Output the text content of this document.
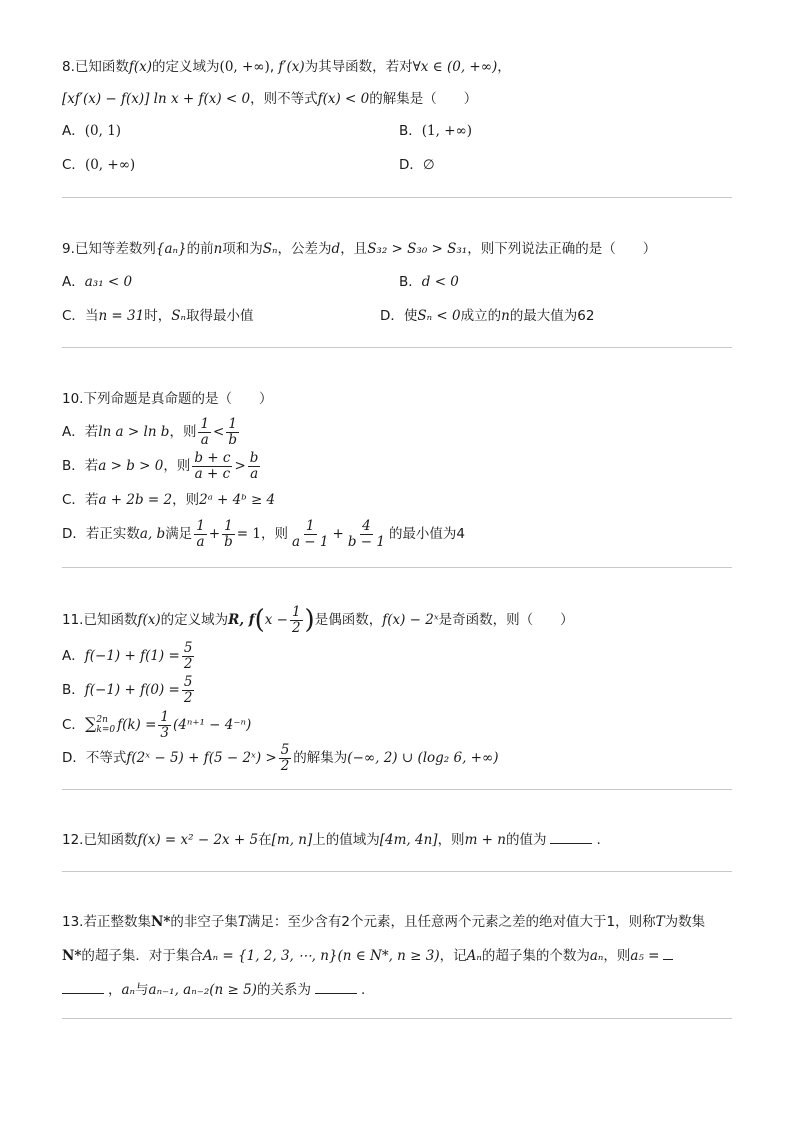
8.已知函数f(x)的定义域为(0, +∞), f′(x)为其导函数，若对∀x ∈ (0, +∞)，
[xf′(x) − f(x)] ln x + f(x) < 0，则不等式f(x) < 0的解集是（　　）
A．(0, 1)	B．(1, +∞)
C．(0, +∞)	D．∅
9.已知等差数列{aₙ}的前n项和为Sₙ，公差为d，且S₃₂ > S₃₀ > S₃₁，则下列说法正确的是（　　）
A．a₃₁ < 0	B．d < 0
C．当n = 31时，Sₙ取得最小值	D．使Sₙ < 0成立的n的最大值为62
10.下列命题是真命题的是（　　）
A．若ln a > ln b，则 $\frac{1}{a} < \frac{1}{b}$
B．若a > b > 0，则 $\frac{b + c}{a + c} > \frac{b}{a}$
C．若a + 2b = 2，则2ᵃ + 4ᵇ ≥ 4
D．若正实数a, b满足 $\frac{1}{a} + \frac{1}{b} = 1$，则 $\frac{1}{a - 1} + \frac{4}{b - 1}$ 的最小值为4
11.已知函数f(x)的定义域为R, $f(x - \frac{1}{2}$ )是偶函数，f(x) − 2ˣ是奇函数，则（　　）
A．$f(-1) + f(1) = \frac{5}{2}$
B．$f(-1) + f(0) = \frac{5}{2}$
C．∑ 2n
k=0 $f(k) = \frac{1}{3} (4^{n+1} - 4^{-n})$
D．不等式f(2ˣ − 5) + f(5 − 2ˣ) > $\frac{5}{2}$ 的解集为(−∞, 2) ∪ (log₂ 6, +∞)
12.已知函数f(x) = x² − 2x + 5在[m, n]上的值域为[4m, 4n]，则m + n的值为	.
13.若正整数集N*的非空子集T满足：至少含有2个元素，且任意两个元素之差的绝对值大于1，则称T为数集
N*的超子集．对于集合Aₙ = {1, 2, 3, ⋯, n}(n ∈ N*, n ≥ 3)，记Aₙ的超子集的个数为aₙ，则a₅ =
，aₙ与aₙ₋₁, aₙ₋₂(n ≥ 5)的关系为	.
